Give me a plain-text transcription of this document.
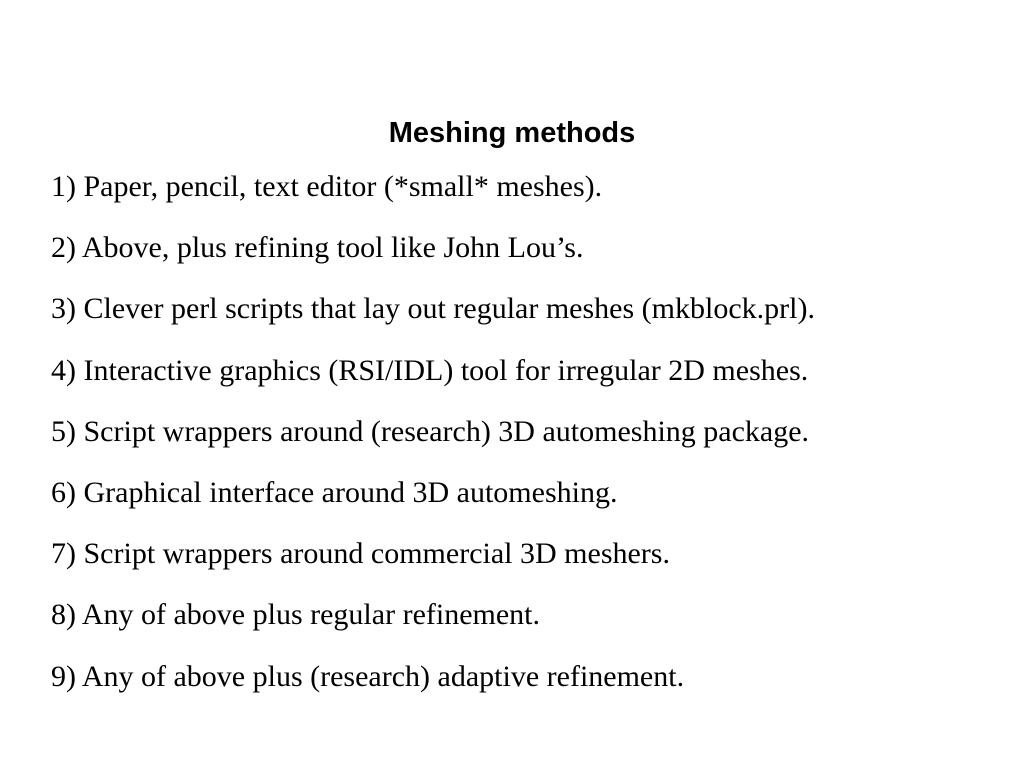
Meshing methods
1) Paper, pencil, text editor (*small* meshes).
2) Above, plus refining tool like John Lou’s.
3) Clever perl scripts that lay out regular meshes (mkblock.prl).
4) Interactive graphics (RSI/IDL) tool for irregular 2D meshes.
5) Script wrappers around (research) 3D automeshing package.
6) Graphical interface around 3D automeshing.
7) Script wrappers around commercial 3D meshers.
8) Any of above plus regular refinement.
9) Any of above plus (research) adaptive refinement.
